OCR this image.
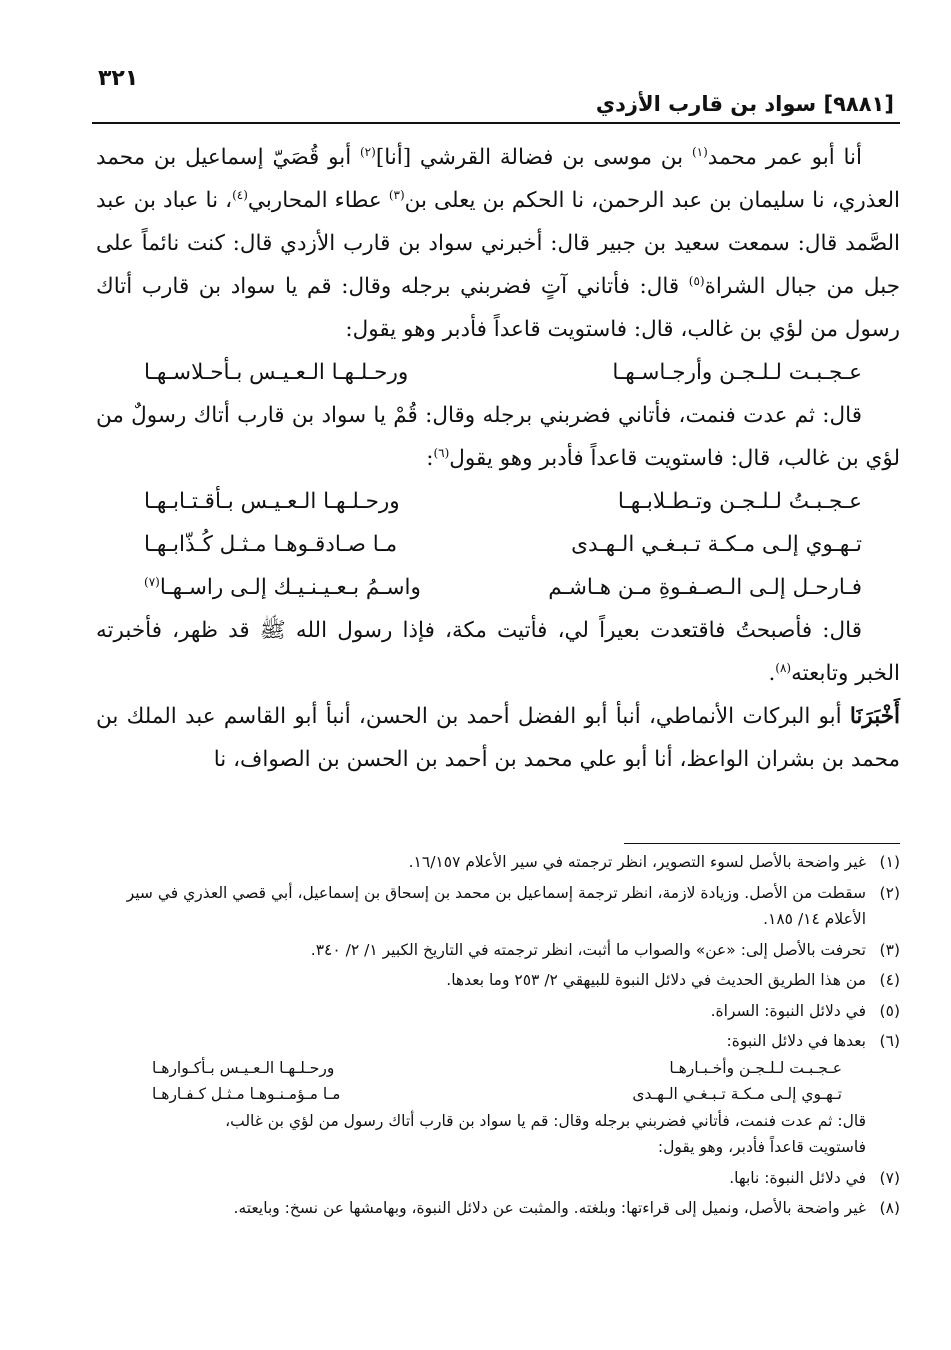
٣٢١
[٩٨٨١] سواد بن قارب الأزدي

أنا أبو عمر محمد$^{(١)}$ بن موسى بن فضالة القرشي [أنا]$^{(٢)}$ أبو قُصَيّ إسماعيل بن محمد العذري، نا سليمان بن عبد الرحمن، نا الحكم بن يعلى بن$^{(٣)}$ عطاء المحاربي$^{(٤)}$، نا عباد بن عبد الصَّمد قال: سمعت سعيد بن جبير قال: أخبرني سواد بن قارب الأزدي قال: كنت نائماً على جبل من جبال الشراة$^{(٥)}$ قال: فأتاني آتٍ فضربني برجله وقال: قم يا سواد بن قارب أتاك رسول من لؤي بن غالب، قال: فاستويت قاعداً فأدبر وهو يقول:

عـجـبـت لـلـجـن وأرجـاسـهـا
ورحـلـهـا الـعـيـس بـأحـلاسـهـا

قال: ثم عدت فنمت، فأتاني فضربني برجله وقال: قُمْ يا سواد بن قارب أتاك رسولٌ من لؤي بن غالب، قال: فاستويت قاعداً فأدبر وهو يقول$^{(٦)}$:

عـجـبـتُ لـلـجـن وتـطـلابـهـا
ورحـلـهـا الـعـيـس بـأقـتـابـهـا
تـهـوي إلـى مـكـة تـبـغـي الـهـدى
مـا صـادقـوهـا مـثـل كُـذّابـهـا
فـارحـل إلـى الـصـفـوةِ مـن هـاشـم
واسـمُ بـعـيـنـيـك إلـى راسـهـا$^{(٧)}$

قال: فأصبحتُ فاقتعدت بعيراً لي، فأتيت مكة، فإذا رسول الله ﷺ قد ظهر، فأخبرته الخبر وتابعته$^{(٨)}$.

أَخْبَرَنَا أبو البركات الأنماطي، أنبأ أبو الفضل أحمد بن الحسن، أنبأ أبو القاسم عبد الملك بن محمد بن بشران الواعظ، أنا أبو علي محمد بن أحمد بن الحسن بن الصواف، نا

(١)
غير واضحة بالأصل لسوء التصوير، انظر ترجمته في سير الأعلام ١٦/١٥٧.
(٢)
سقطت من الأصل. وزيادة لازمة، انظر ترجمة إسماعيل بن محمد بن إسحاق بن إسماعيل، أبي قصي العذري في سير الأعلام ١٤/ ١٨٥.
(٣)
تحرفت بالأصل إلى: «عن» والصواب ما أثبت، انظر ترجمته في التاريخ الكبير ١/ ٢/ ٣٤٠.
(٤)
من هذا الطريق الحديث في دلائل النبوة للبيهقي ٢/ ٢٥٣ وما بعدها.
(٥)
في دلائل النبوة: السراة.
(٦)
بعدها في دلائل النبوة:
عـجـبـت لـلـجـن وأخـبـارهـا
ورحـلـهـا الـعـيـس بـأكـوارهـا
تـهـوي إلـى مـكـة تـبـغـي الـهـدى
مـا مـؤمـنـوهـا مـثـل كـفـارهـا
قال: ثم عدت فنمت، فأتاني فضربني برجله وقال: قم يا سواد بن قارب أتاك رسول من لؤي بن غالب،
فاستويت قاعداً فأدبر، وهو يقول:
(٧)
في دلائل النبوة: نابها.
(٨)
غير واضحة بالأصل، ونميل إلى قراءتها: وبلغته. والمثبت عن دلائل النبوة، وبهامشها عن نسخ: وبايعته.
